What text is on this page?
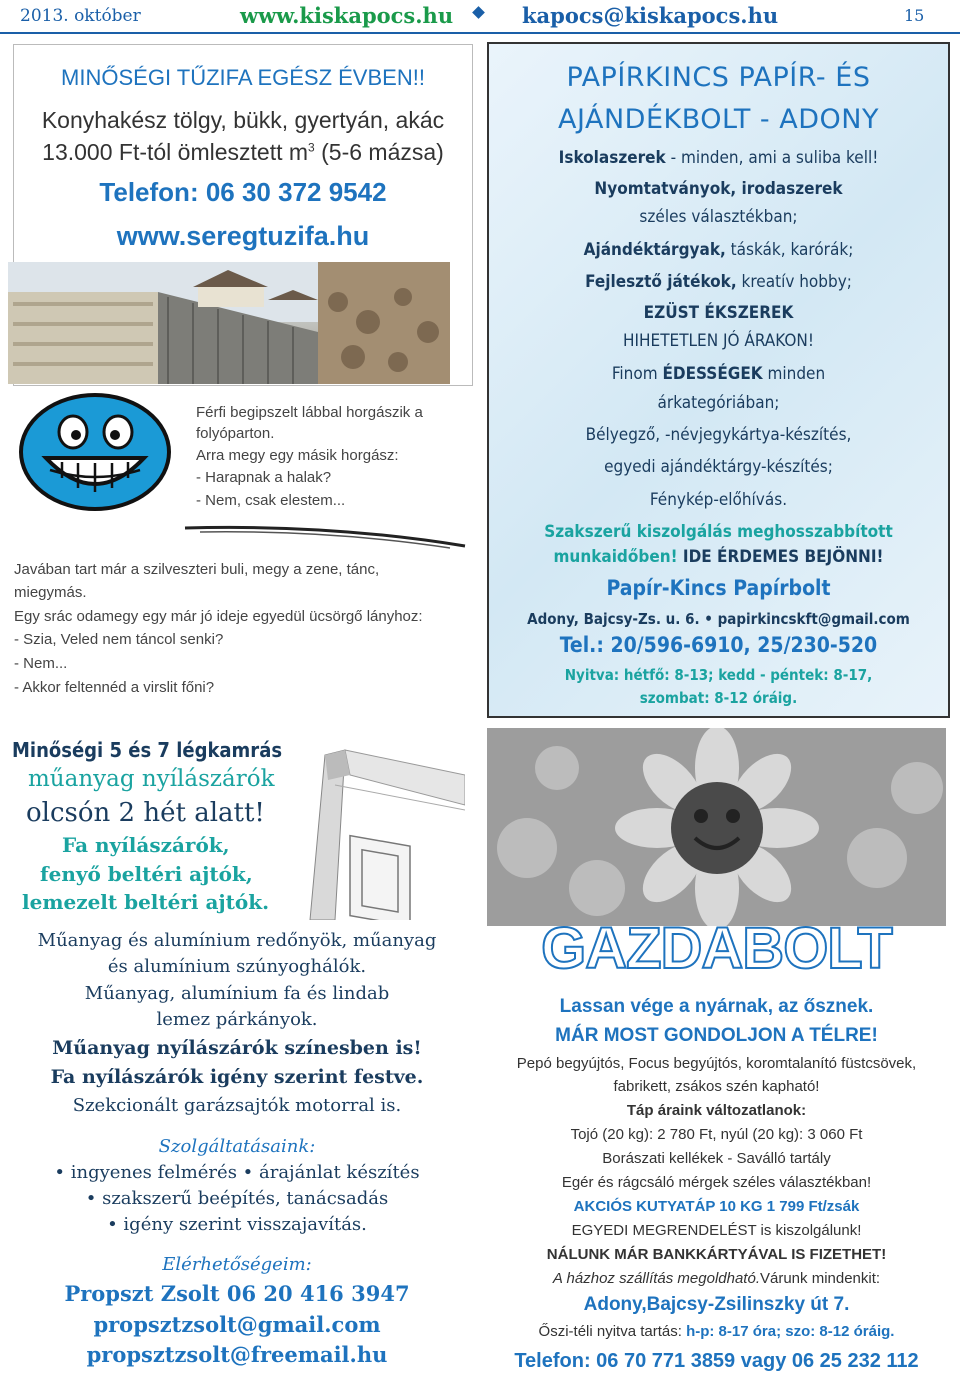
2013. október	www.kiskapocs.hu	kapocs@kiskapocs.hu	15
MINŐSÉGI TŰZIFA EGÉSZ ÉVBEN!!
Konyhakész tölgy, bükk, gyertyán, akác
13.000 Ft-tól ömlesztett $m^3$ (5-6 mázsa)
Telefon: 06 30 372 9542
www.seregtuzifa.hu
Férfi begipszelt lábbal horgászik a
folyóparton.
Arra megy egy másik horgász:
- Harapnak a halak?
- Nem, csak elestem...
Javában tart már a szilveszteri buli, megy a zene, tánc,
miegymás.
Egy srác odamegy egy már jó ideje egyedül ücsörgő lányhoz:
- Szia, Veled nem táncol senki?
- Nem...
- Akkor feltennéd a virslit főni?
PAPÍRKINCS PAPÍR- ÉS
AJÁNDÉKBOLT - ADONY
Iskolaszerek - minden, ami a suliba kell!
Nyomtatványok, irodaszerek
széles választékban;
Ajándéktárgyak, táskák, karórák;
Fejlesztő játékok, kreatív hobby;
EZÜST ÉKSZEREK
HIHETETLEN JÓ ÁRAKON!
Finom ÉDESSÉGEK minden
árkategóriában;
Bélyegző, -névjegykártya-készítés,
egyedi ajándéktárgy-készítés;
Fénykép-előhívás.
Szakszerű kiszolgálás meghosszabbított
munkaidőben! IDE ÉRDEMES BEJÖNNI!
Papír-Kincs Papírbolt
Adony, Bajcsy-Zs. u. 6. • papirkincskft@gmail.com
Tel.: 20/596-6910, 25/230-520
Nyitva: hétfő: 8-13; kedd - péntek: 8-17,
szombat: 8-12 óráig.
Minőségi 5 és 7 légkamrás
műanyag nyílászárók
olcsón 2 hét alatt!
Fa nyílászárók,
fenyő beltéri ajtók,
lemezelt beltéri ajtók.
Műanyag és alumínium redőnyök, műanyag
és alumínium szúnyoghálók.
Műanyag, alumínium fa és lindab
lemez párkányok.
Műanyag nyílászárók színesben is!
Fa nyílászárók igény szerint festve.
Szekcionált garázsajtók motorral is.
Szolgáltatásaink:
• ingyenes felmérés • árajánlat készítés
• szakszerű beépítés, tanácsadás
• igény szerint visszajavítás.
Elérhetőségeim:
Propszt Zsolt 06 20 416 3947
propsztzsolt@gmail.com
propsztzsolt@freemail.hu
GAZDABOLT
Lassan vége a nyárnak, az ősznek.
MÁR MOST GONDOLJON A TÉLRE!
Pepó begyújtós, Focus begyújtós, koromtalanító füstcsövek,
fabrikett, zsákos szén kapható!
Táp áraink változatlanok:
Tojó (20 kg): 2 780 Ft, nyúl (20 kg): 3 060 Ft
Borászati kellékek - Saválló tartály
Egér és rágcsáló mérgek széles választékban!
AKCIÓS KUTYATÁP 10 KG 1 799 Ft/zsák
EGYEDI MEGRENDELÉST is kiszolgálunk!
NÁLUNK MÁR BANKKÁRTYÁVAL IS FIZETHET!
A házhoz szállítás megoldható.Várunk mindenkit:
Adony,Bajcsy-Zsilinszky út 7.
Őszi-téli nyitva tartás: h-p: 8-17 óra; szo: 8-12 óráig.
Telefon: 06 70 771 3859 vagy 06 25 232 112
